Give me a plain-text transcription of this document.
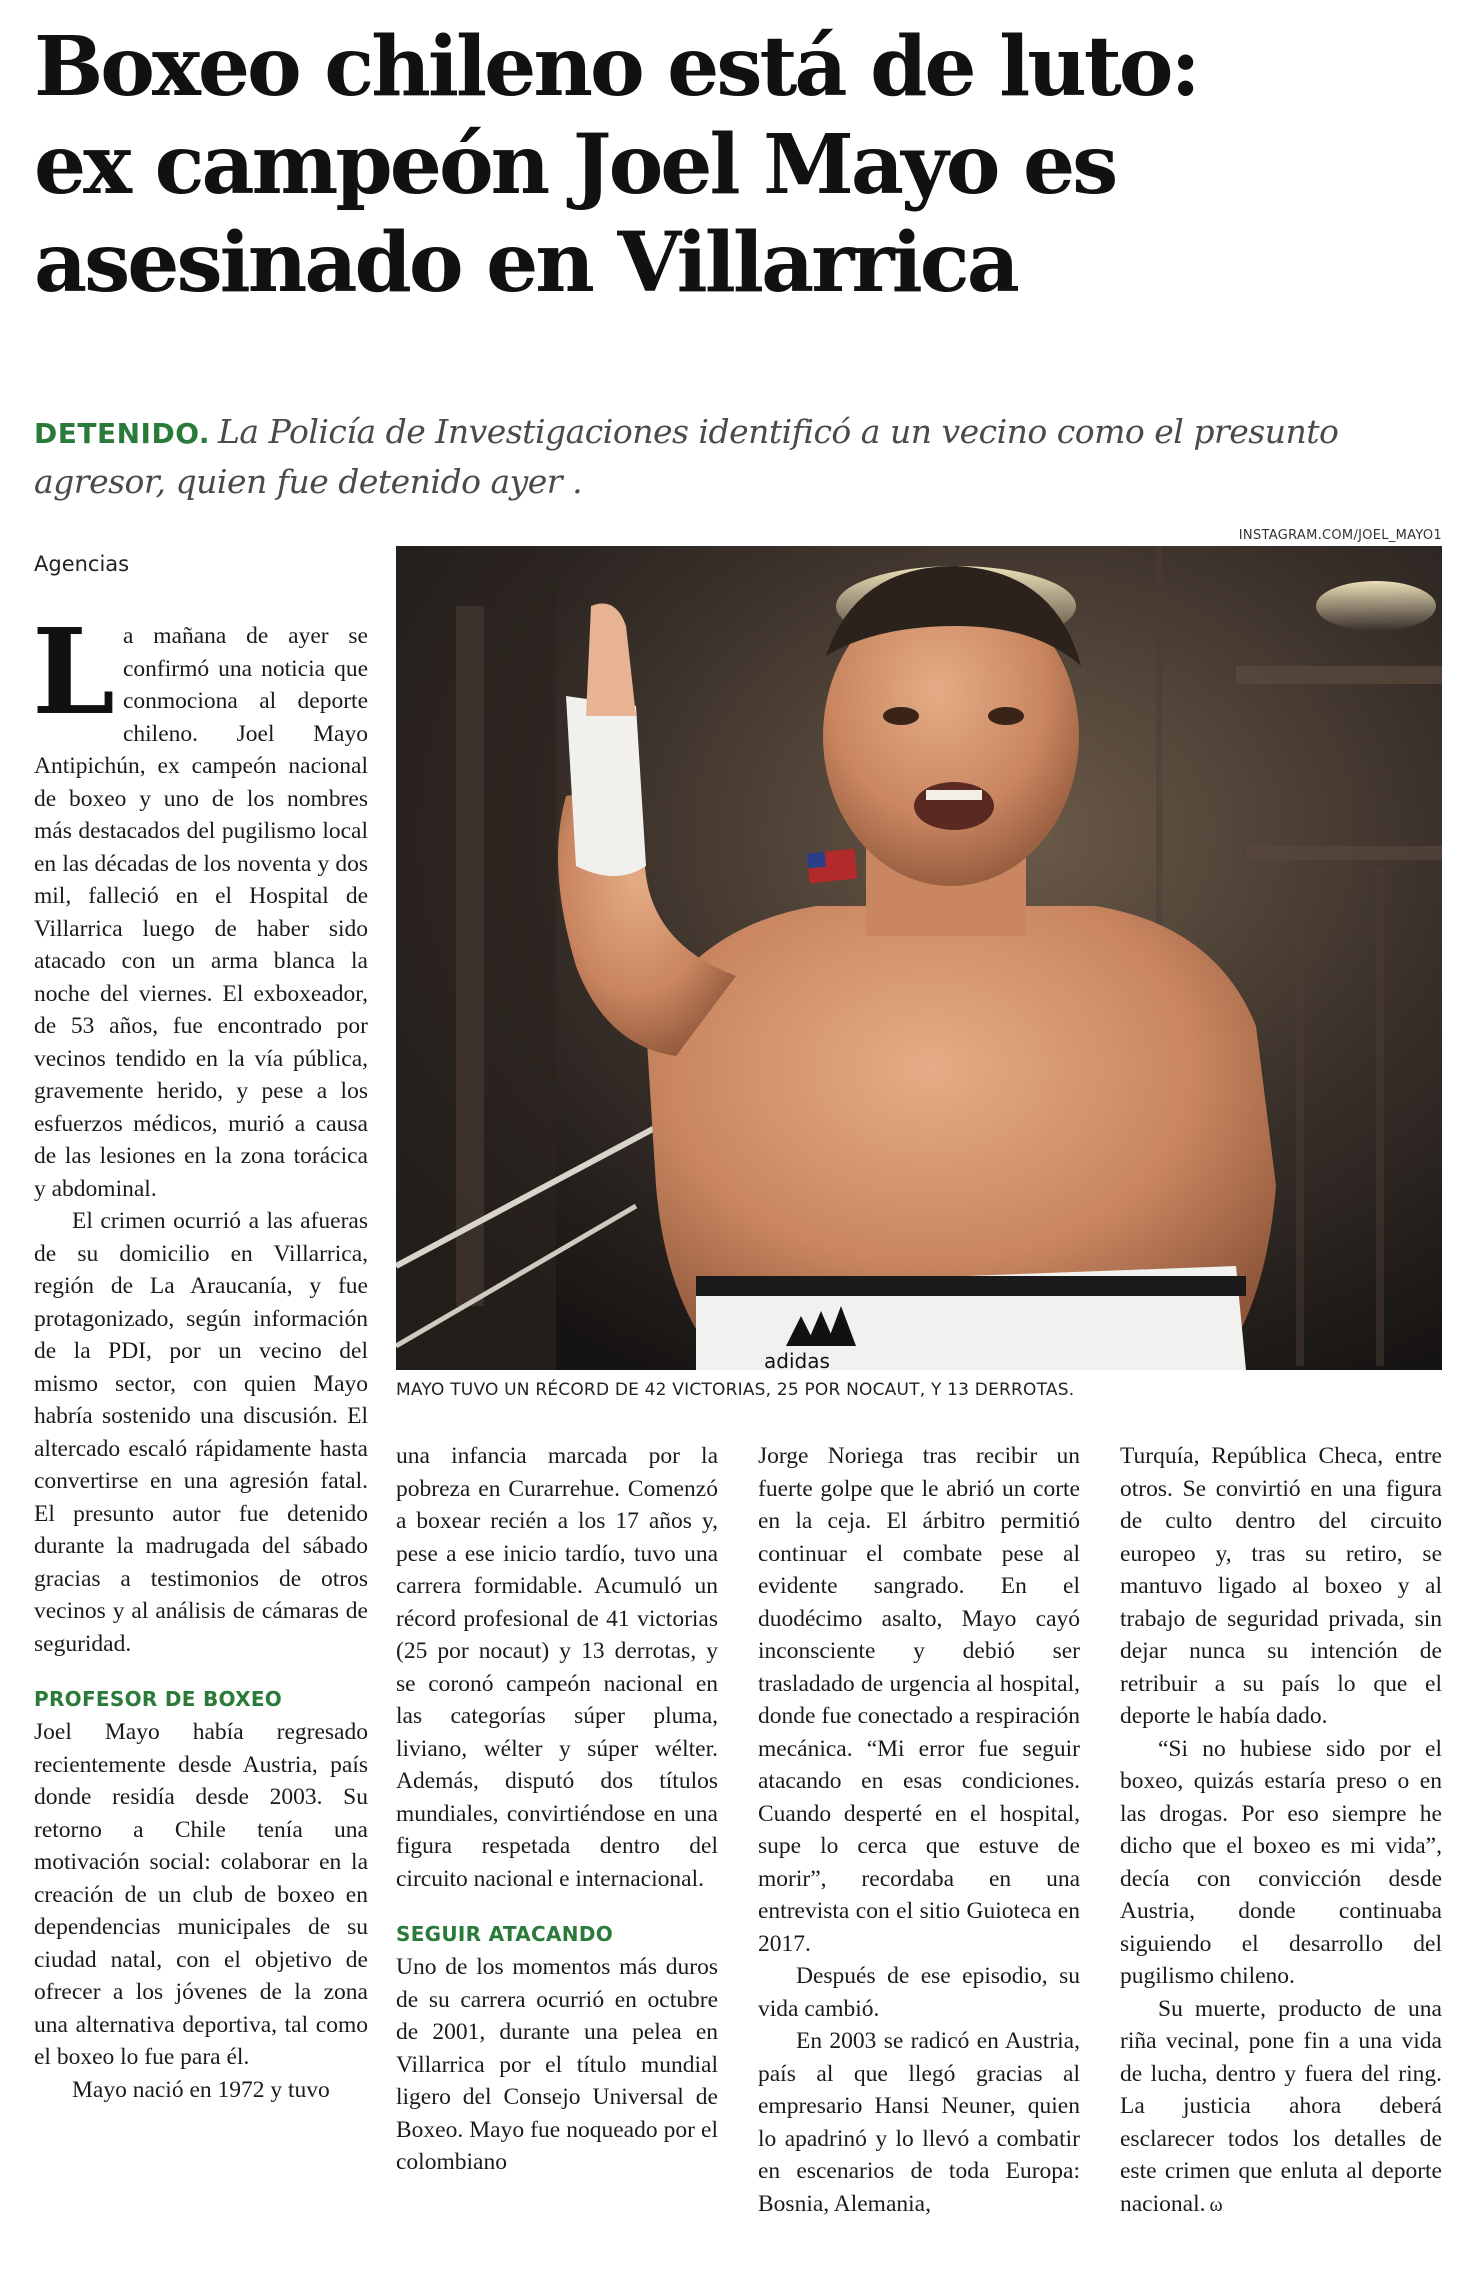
Boxeo chileno está de luto:
ex campeón Joel Mayo es
asesinado en Villarrica
DETENIDO. La Policía de Investigaciones identificó a un vecino como el presunto agresor, quien fue detenido ayer .
Agencias
INSTAGRAM.COM/JOEL_MAYO1
adidas
MAYO TUVO UN RÉCORD DE 42 VICTORIAS, 25 POR NOCAUT, Y 13 DERROTAS.

La mañana de ayer se confirmó una noticia que conmociona al deporte chileno. Joel Mayo Antipichún, ex campeón nacional de boxeo y uno de los nombres más destacados del pugilismo local en las décadas de los noventa y dos mil, falleció en el Hospital de Villarrica luego de haber sido atacado con un arma blanca la noche del viernes. El exboxeador, de 53 años, fue encontrado por vecinos tendido en la vía pública, gravemente herido, y pese a los esfuerzos médicos, murió a causa de las lesiones en la zona torácica y abdominal.

El crimen ocurrió a las afueras de su domicilio en Villarrica, región de La Araucanía, y fue protagonizado, según información de la PDI, por un vecino del mismo sector, con quien Mayo habría sostenido una discusión. El altercado escaló rápidamente hasta convertirse en una agresión fatal. El presunto autor fue detenido durante la madrugada del sábado gracias a testimonios de otros vecinos y al análisis de cámaras de seguridad.

PROFESOR DE BOXEO

Joel Mayo había regresado recientemente desde Austria, país donde residía desde 2003. Su retorno a Chile tenía una motivación social: colaborar en la creación de un club de boxeo en dependencias municipales de su ciudad natal, con el objetivo de ofrecer a los jóvenes de la zona una alternativa deportiva, tal como el boxeo lo fue para él.

Mayo nació en 1972 y tuvo

una infancia marcada por la pobreza en Curarrehue. Comenzó a boxear recién a los 17 años y, pese a ese inicio tardío, tuvo una carrera formidable. Acumuló un récord profesional de 41 victorias (25 por nocaut) y 13 derrotas, y se coronó campeón nacional en las categorías súper pluma, liviano, wélter y súper wélter. Además, disputó dos títulos mundiales, convirtiéndose en una figura respetada dentro del circuito nacional e internacional.

SEGUIR ATACANDO

Uno de los momentos más duros de su carrera ocurrió en octubre de 2001, durante una pelea en Villarrica por el título mundial ligero del Consejo Universal de Boxeo. Mayo fue noqueado por el colombiano

Jorge Noriega tras recibir un fuerte golpe que le abrió un corte en la ceja. El árbitro permitió continuar el combate pese al evidente sangrado. En el duodécimo asalto, Mayo cayó inconsciente y debió ser trasladado de urgencia al hospital, donde fue conectado a respiración mecánica. “Mi error fue seguir atacando en esas condiciones. Cuando desperté en el hospital, supe lo cerca que estuve de morir”, recordaba en una entrevista con el sitio Guioteca en 2017.

Después de ese episodio, su vida cambió.

En 2003 se radicó en Austria, país al que llegó gracias al empresario Hansi Neuner, quien lo apadrinó y lo llevó a combatir en escenarios de toda Europa: Bosnia, Alemania,

Turquía, República Checa, entre otros. Se convirtió en una figura de culto dentro del circuito europeo y, tras su retiro, se mantuvo ligado al boxeo y al trabajo de seguridad privada, sin dejar nunca su intención de retribuir a su país lo que el deporte le había dado.

“Si no hubiese sido por el boxeo, quizás estaría preso o en las drogas. Por eso siempre he dicho que el boxeo es mi vida”, decía con convicción desde Austria, donde continuaba siguiendo el desarrollo del pugilismo chileno.

Su muerte, producto de una riña vecinal, pone fin a una vida de lucha, dentro y fuera del ring. La justicia ahora deberá esclarecer todos los detalles de este crimen que enluta al deporte nacional. ω
